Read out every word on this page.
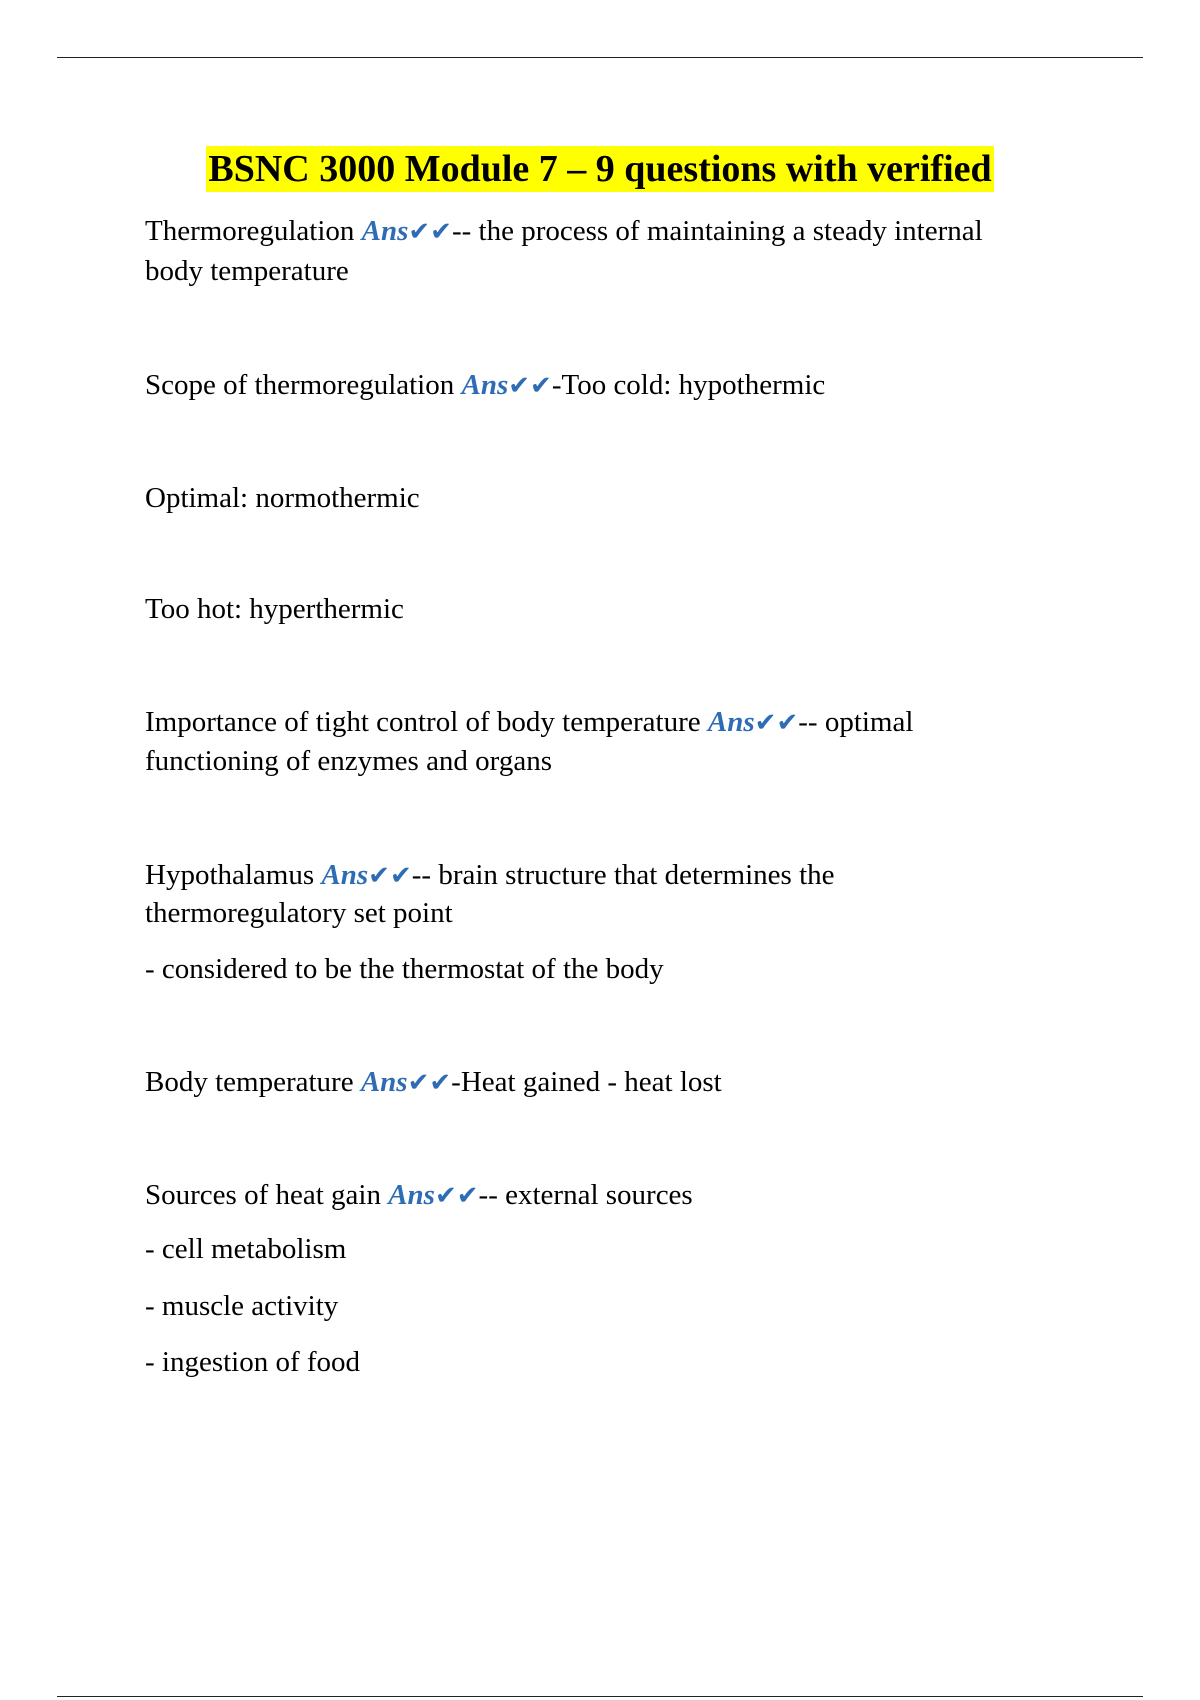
BSNC 3000 Module 7 – 9 questions with verified
Thermoregulation Ans✔✔-- the process of maintaining a steady internal
body temperature
Scope of thermoregulation Ans✔✔-Too cold: hypothermic
Optimal: normothermic
Too hot: hyperthermic
Importance of tight control of body temperature Ans✔✔-- optimal
functioning of enzymes and organs
Hypothalamus Ans✔✔-- brain structure that determines the
thermoregulatory set point
- considered to be the thermostat of the body
Body temperature Ans✔✔-Heat gained - heat lost
Sources of heat gain Ans✔✔-- external sources
- cell metabolism
- muscle activity
- ingestion of food
